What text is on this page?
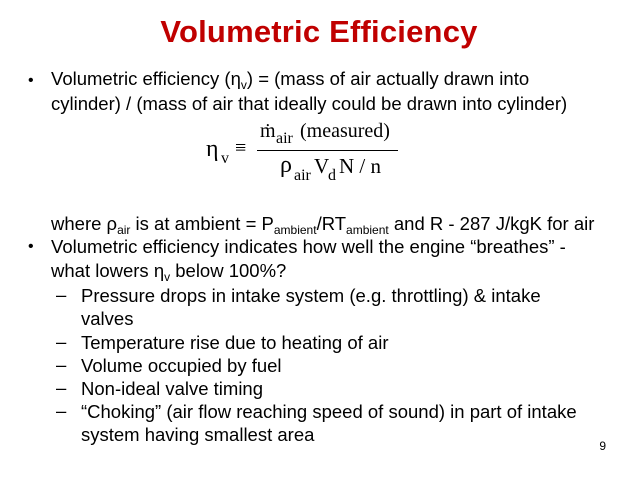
Volumetric Efficiency
• Volumetric efficiency $(\eta_v)$ = (mass of air actually drawn into
cylinder) / (mass of air that ideally could be drawn into cylinder)
η v ≡
ṁ air (measured)
ρ air V
d N / n
where $\rho_{air}$ is at ambient = $P_{ambient}/RT_{ambient}$ and R - 287 J/kgK for air
• Volumetric efficiency indicates how well the engine “breathes” -
what lowers $\eta_v$ below 100%?
– Pressure drops in intake system (e.g. throttling) & intake
valves
– Temperature rise due to heating of air
– Volume occupied by fuel
– Non-ideal valve timing
– “Choking” (air flow reaching speed of sound) in part of intake
system having smallest area
9
